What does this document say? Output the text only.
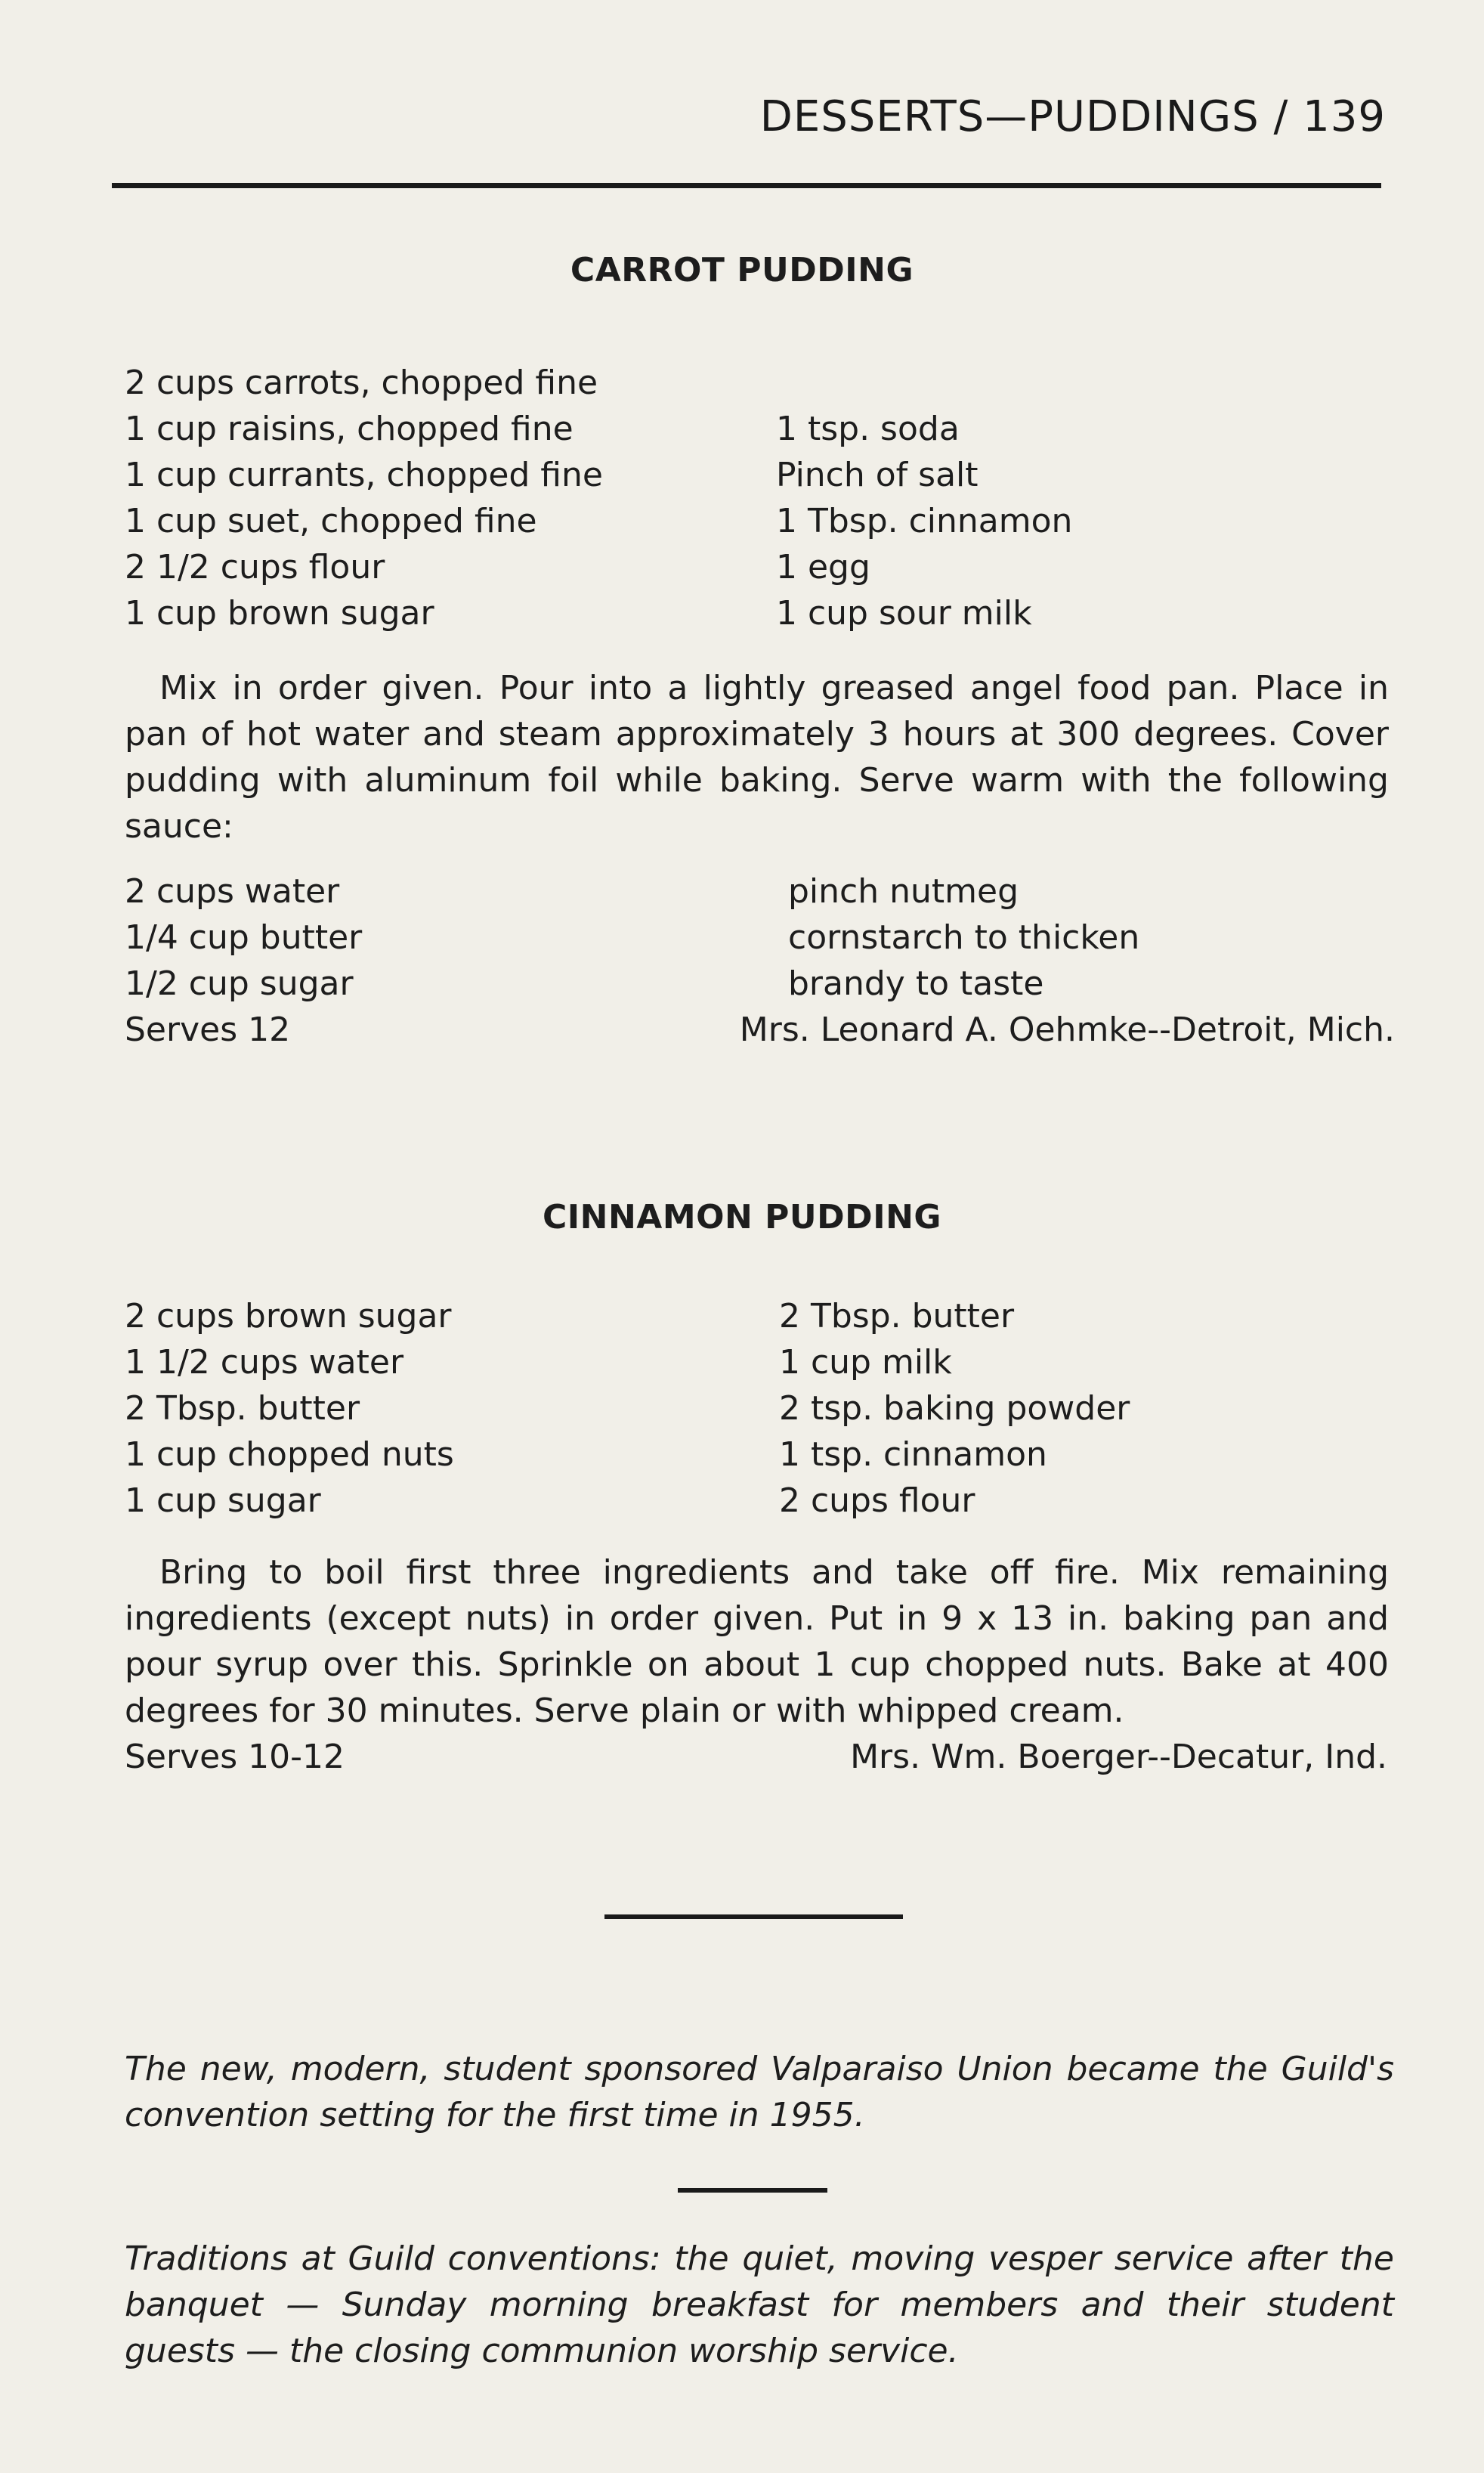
DESSERTS—PUDDINGS / 139
CARROT PUDDING
2 cups carrots, chopped fine
1 cup raisins, chopped fine
1 cup currants, chopped fine
1 cup suet, chopped fine
2 1/2 cups flour
1 cup brown sugar
1 tsp. soda
Pinch of salt
1 Tbsp. cinnamon
1 egg
1 cup sour milk
Mix in order given. Pour into a lightly greased angel food pan. Place in pan of hot water and steam approximately 3 hours at 300 degrees. Cover pudding with aluminum foil while baking. Serve warm with the following sauce:
2 cups water
1/4 cup butter
1/2 cup sugar
Serves 12
pinch nutmeg
cornstarch to thicken
brandy to taste
Mrs. Leonard A. Oehmke--Detroit, Mich.
CINNAMON PUDDING
2 cups brown sugar
1 1/2 cups water
2 Tbsp. butter
1 cup chopped nuts
1 cup sugar
2 Tbsp. butter
1 cup milk
2 tsp. baking powder
1 tsp. cinnamon
2 cups flour
Bring to boil first three ingredients and take off fire. Mix remaining ingredients (except nuts) in order given. Put in 9 x 13 in. baking pan and pour syrup over this. Sprinkle on about 1 cup chopped nuts. Bake at 400 degrees for 30 minutes. Serve plain or with whipped cream.
Serves 10-12	Mrs. Wm. Boerger--Decatur, Ind.
The new, modern, student sponsored Valparaiso Union became the Guild's convention setting for the first time in 1955.
Traditions at Guild conventions: the quiet, moving vesper service after the banquet — Sunday morning breakfast for members and their student guests — the closing communion worship service.
